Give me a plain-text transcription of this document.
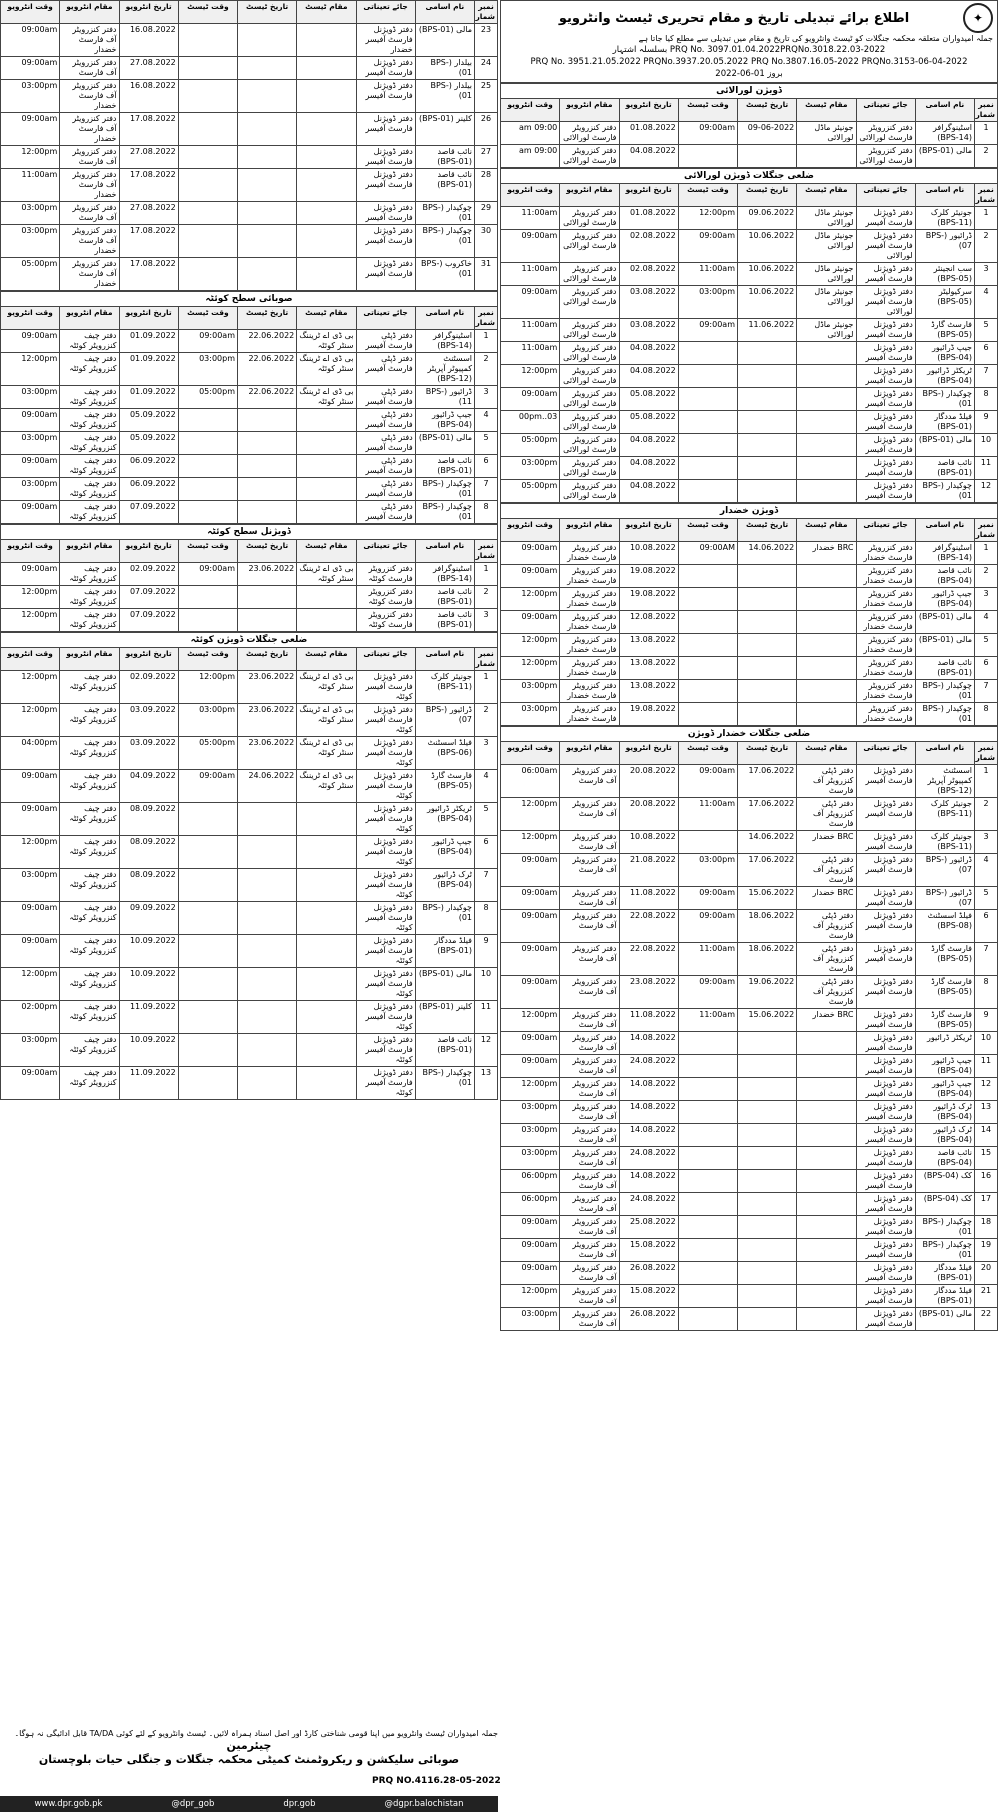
✦
اطلاع برائے تبدیلی تاریخ و مقام تحریری ٹیسٹ وانٹرویو
جملہ امیدواران متعلقہ محکمہ جنگلات کو ٹیسٹ وانٹرویو کی تاریخ و مقام میں تبدیلی سے مطلع کیا جاتا ہے
PRQ No. 3097.01.04.2022PRQNo.3018.22.03-2022 بسلسلہ اشتہار
PRQ No. 3951.21.05.2022 PRQNo.3937.20.05.2022 PRQ No.3807.16.05-2022 PRQNo.3153-06-04-2022
بروز 01-06-2022
ڈویژن لورالائی
نمبر شمار	نام اسامی	جائے تعیناتی	مقام ٹیسٹ	تاریخ ٹیسٹ	وقت ٹیسٹ	تاریخ انٹرویو	مقام انٹرویو	وقت انٹرویو
1	اسٹینوگرافر (BPS-14)	دفتر کنزرویٹر فارسٹ لورالائی	جونیئر ماڈل لورالائی	09-06-2022	09:00am	01.08.2022	دفتر کنزرویٹر فارسٹ لورالائی	09:00 am
2	مالی (BPS-01)	دفتر کنزرویٹر فارسٹ لورالائی				04.08.2022	دفتر کنزرویٹر فارسٹ لورالائی	09:00 am
ضلعی جنگلات ڈویژن لورالائی
نمبر شمار	نام اسامی	جائے تعیناتی	مقام ٹیسٹ	تاریخ ٹیسٹ	وقت ٹیسٹ	تاریخ انٹرویو	مقام انٹرویو	وقت انٹرویو
1	جونیئر کلرک (BPS-11)	دفتر ڈویژنل فارسٹ آفیسر	جونیئر ماڈل لورالائی	09.06.2022	12:00pm	01.08.2022	دفتر کنزرویٹر فارسٹ لورالائی	11:00am
2	ڈرائیور (BPS-07)	دفتر ڈویژنل فارسٹ آفیسر لورالائی	جونیئر ماڈل لورالائی	10.06.2022	09:00am	02.08.2022	دفتر کنزرویٹر فارسٹ لورالائی	09:00am
3	سب انجینئر (BPS-05)	دفتر ڈویژنل فارسٹ آفیسر	جونیئر ماڈل لورالائی	10.06.2022	11:00am	02.08.2022	دفتر کنزرویٹر فارسٹ لورالائی	11:00am
4	سرکیولیٹر (BPS-05)	دفتر ڈویژنل فارسٹ آفیسر لورالائی	جونیئر ماڈل لورالائی	10.06.2022	03:00pm	03.08.2022	دفتر کنزرویٹر فارسٹ لورالائی	09:00am
5	فارسٹ گارڈ (BPS-05)	دفتر ڈویژنل فارسٹ آفیسر	جونیئر ماڈل لورالائی	11.06.2022	09:00am	03.08.2022	دفتر کنزرویٹر فارسٹ لورالائی	11:00am
6	جیپ ڈرائیور (BPS-04)	دفتر ڈویژنل فارسٹ آفیسر				04.08.2022	دفتر کنزرویٹر فارسٹ لورالائی	11:00am
7	ٹریکٹر ڈرائیور (BPS-04)	دفتر ڈویژنل فارسٹ آفیسر				04.08.2022	دفتر کنزرویٹر فارسٹ لورالائی	12:00pm
8	چوکیدار (BPS-01)	دفتر ڈویژنل فارسٹ آفیسر				05.08.2022	دفتر کنزرویٹر فارسٹ لورالائی	09:00am
9	فیلڈ مددگار (BPS-01)	دفتر ڈویژنل فارسٹ آفیسر				05.08.2022	دفتر کنزرویٹر فارسٹ لورالائی	03..00pm
10	مالی (BPS-01)	دفتر ڈویژنل فارسٹ آفیسر				04.08.2022	دفتر کنزرویٹر فارسٹ لورالائی	05:00pm
11	نائب قاصد (BPS-01)	دفتر ڈویژنل فارسٹ آفیسر				04.08.2022	دفتر کنزرویٹر فارسٹ لورالائی	03:00pm
12	چوکیدار (BPS-01)	دفتر ڈویژنل فارسٹ آفیسر				04.08.2022	دفتر کنزرویٹر فارسٹ لورالائی	05:00pm
ڈویژن خضدار
نمبر شمار	نام اسامی	جائے تعیناتی	مقام ٹیسٹ	تاریخ ٹیسٹ	وقت ٹیسٹ	تاریخ انٹرویو	مقام انٹرویو	وقت انٹرویو
1	اسٹینوگرافر (BPS-14)	دفتر کنزرویٹر فارسٹ خضدار	BRC خضدار	14.06.2022	09:00AM	10.08.2022	دفتر کنزرویٹر فارسٹ خضدار	09:00am
2	نائب قاصد (BPS-04)	دفتر کنزرویٹر فارسٹ خضدار				19.08.2022	دفتر کنزرویٹر فارسٹ خضدار	09:00am
3	جیپ ڈرائیور (BPS-04)	دفتر کنزرویٹر فارسٹ خضدار				19.08.2022	دفتر کنزرویٹر فارسٹ خضدار	12:00pm
4	مالی (BPS-01)	دفتر کنزرویٹر فارسٹ خضدار				12.08.2022	دفتر کنزرویٹر فارسٹ خضدار	09:00am
5	مالی (BPS-01)	دفتر کنزرویٹر فارسٹ خضدار				13.08.2022	دفتر کنزرویٹر فارسٹ خضدار	12:00pm
6	نائب قاصد (BPS-01)	دفتر کنزرویٹر فارسٹ خضدار				13.08.2022	دفتر کنزرویٹر فارسٹ خضدار	12:00pm
7	چوکیدار (BPS-01)	دفتر کنزرویٹر فارسٹ خضدار				13.08.2022	دفتر کنزرویٹر فارسٹ خضدار	03:00pm
8	چوکیدار (BPS-01)	دفتر کنزرویٹر فارسٹ خضدار				19.08.2022	دفتر کنزرویٹر فارسٹ خضدار	03:00pm
ضلعی جنگلات خضدار ڈویژن
نمبر شمار	نام اسامی	جائے تعیناتی	مقام ٹیسٹ	تاریخ ٹیسٹ	وقت ٹیسٹ	تاریخ انٹرویو	مقام انٹرویو	وقت انٹرویو
1	اسسٹنٹ کمپیوٹر آپریٹر (BPS-12)	دفتر ڈویژنل فارسٹ آفیسر	دفتر ڈپٹی کنزرویٹر آف فارسٹ	17.06.2022	09:00am	20.08.2022	دفتر کنزرویٹر آف فارسٹ	06:00am
2	جونیئر کلرک (BPS-11)	دفتر ڈویژنل فارسٹ آفیسر	دفتر ڈپٹی کنزرویٹر آف فارسٹ	17.06.2022	11:00am	20.08.2022	دفتر کنزرویٹر آف فارسٹ	12:00pm
3	جونیئر کلرک (BPS-11)	دفتر ڈویژنل فارسٹ آفیسر	BRC خضدار	14.06.2022		10.08.2022	دفتر کنزرویٹر آف فارسٹ	12:00pm
4	ڈرائیور (BPS-07)	دفتر ڈویژنل فارسٹ آفیسر	دفتر ڈپٹی کنزرویٹر آف فارسٹ	17.06.2022	03:00pm	21.08.2022	دفتر کنزرویٹر آف فارسٹ	09:00am
5	ڈرائیور (BPS-07)	دفتر ڈویژنل فارسٹ آفیسر	BRC خضدار	15.06.2022	09:00am	11.08.2022	دفتر کنزرویٹر آف فارسٹ	09:00am
6	فیلڈ اسسٹنٹ (BPS-08)	دفتر ڈویژنل فارسٹ آفیسر	دفتر ڈپٹی کنزرویٹر آف فارسٹ	18.06.2022	09:00am	22.08.2022	دفتر کنزرویٹر آف فارسٹ	09:00am
7	فارسٹ گارڈ (BPS-05)	دفتر ڈویژنل فارسٹ آفیسر	دفتر ڈپٹی کنزرویٹر آف فارسٹ	18.06.2022	11:00am	22.08.2022	دفتر کنزرویٹر آف فارسٹ	09:00am
8	فارسٹ گارڈ (BPS-05)	دفتر ڈویژنل فارسٹ آفیسر	دفتر ڈپٹی کنزرویٹر آف فارسٹ	19.06.2022	09:00am	23.08.2022	دفتر کنزرویٹر آف فارسٹ	09:00am
9	فارسٹ گارڈ (BPS-05)	دفتر ڈویژنل فارسٹ آفیسر	BRC خضدار	15.06.2022	11:00am	11.08.2022	دفتر کنزرویٹر آف فارسٹ	12:00pm
10	ٹریکٹر ڈرائیور	دفتر ڈویژنل فارسٹ آفیسر				14.08.2022	دفتر کنزرویٹر آف فارسٹ	09:00am
11	جیپ ڈرائیور (BPS-04)	دفتر ڈویژنل فارسٹ آفیسر				24.08.2022	دفتر کنزرویٹر آف فارسٹ	09:00am
12	جیپ ڈرائیور (BPS-04)	دفتر ڈویژنل فارسٹ آفیسر				14.08.2022	دفتر کنزرویٹر آف فارسٹ	12:00pm
13	ٹرک ڈرائیور (BPS-04)	دفتر ڈویژنل فارسٹ آفیسر				14.08.2022	دفتر کنزرویٹر آف فارسٹ	03:00pm
14	ٹرک ڈرائیور (BPS-04)	دفتر ڈویژنل فارسٹ آفیسر				14.08.2022	دفتر کنزرویٹر آف فارسٹ	03:00pm
15	نائب قاصد (BPS-04)	دفتر ڈویژنل فارسٹ آفیسر				24.08.2022	دفتر کنزرویٹر آف فارسٹ	03:00pm
16	کک (BPS-04)	دفتر ڈویژنل فارسٹ آفیسر				14.08.2022	دفتر کنزرویٹر آف فارسٹ	06:00pm
17	کک (BPS-04)	دفتر ڈویژنل فارسٹ آفیسر				24.08.2022	دفتر کنزرویٹر آف فارسٹ	06:00pm
18	چوکیدار (BPS-01)	دفتر ڈویژنل فارسٹ آفیسر				25.08.2022	دفتر کنزرویٹر آف فارسٹ	09:00am
19	چوکیدار (BPS-01)	دفتر ڈویژنل فارسٹ آفیسر				15.08.2022	دفتر کنزرویٹر آف فارسٹ	09:00am
20	فیلڈ مددگار (BPS-01)	دفتر ڈویژنل فارسٹ آفیسر				26.08.2022	دفتر کنزرویٹر آف فارسٹ	09:00am
21	فیلڈ مددگار (BPS-01)	دفتر ڈویژنل فارسٹ آفیسر				15.08.2022	دفتر کنزرویٹر آف فارسٹ	12:00pm
22	مالی (BPS-01)	دفتر ڈویژنل فارسٹ آفیسر				26.08.2022	دفتر کنزرویٹر آف فارسٹ	03:00pm
نمبر شمار	نام اسامی	جائے تعیناتی	مقام ٹیسٹ	تاریخ ٹیسٹ	وقت ٹیسٹ	تاریخ انٹرویو	مقام انٹرویو	وقت انٹرویو
23	مالی (BPS-01)	دفتر ڈویژنل فارسٹ آفیسر خضدار				16.08.2022	دفتر کنزرویٹر آف فارسٹ خضدار	09:00am
24	بیلدار (BPS-01)	دفتر ڈویژنل فارسٹ آفیسر				27.08.2022	دفتر کنزرویٹر آف فارسٹ	09:00am
25	بیلدار (BPS-01)	دفتر ڈویژنل فارسٹ آفیسر				16.08.2022	دفتر کنزرویٹر آف فارسٹ خضدار	03:00pm
26	کلینر (BPS-01)	دفتر ڈویژنل فارسٹ آفیسر				17.08.2022	دفتر کنزرویٹر آف فارسٹ خضدار	09:00am
27	نائب قاصد (BPS-01)	دفتر ڈویژنل فارسٹ آفیسر				27.08.2022	دفتر کنزرویٹر آف فارسٹ	12:00pm
28	نائب قاصد (BPS-01)	دفتر ڈویژنل فارسٹ آفیسر				17.08.2022	دفتر کنزرویٹر آف فارسٹ خضدار	11:00am
29	چوکیدار (BPS-01)	دفتر ڈویژنل فارسٹ آفیسر				27.08.2022	دفتر کنزرویٹر آف فارسٹ	03:00pm
30	چوکیدار (BPS-01)	دفتر ڈویژنل فارسٹ آفیسر				17.08.2022	دفتر کنزرویٹر آف فارسٹ خضدار	03:00pm
31	خاکروب (BPS-01)	دفتر ڈویژنل فارسٹ آفیسر				17.08.2022	دفتر کنزرویٹر آف فارسٹ خضدار	05:00pm
صوبائی سطح کوئٹہ
نمبر شمار	نام اسامی	جائے تعیناتی	مقام ٹیسٹ	تاریخ ٹیسٹ	وقت ٹیسٹ	تاریخ انٹرویو	مقام انٹرویو	وقت انٹرویو
1	اسٹینوگرافر (BPS-14)	دفتر ڈپٹی فارسٹ آفیسر	بی ڈی اے ٹریننگ سنٹر کوئٹہ	22.06.2022	09:00am	01.09.2022	دفتر چیف کنزرویٹر کوئٹہ	09:00am
2	اسسٹنٹ کمپیوٹر آپریٹر (BPS-12)	دفتر ڈپٹی فارسٹ آفیسر	بی ڈی اے ٹریننگ سنٹر کوئٹہ	22.06.2022	03:00pm	01.09.2022	دفتر چیف کنزرویٹر کوئٹہ	12:00pm
3	ڈرائیور (BPS-11)	دفتر ڈپٹی فارسٹ آفیسر	بی ڈی اے ٹریننگ سنٹر کوئٹہ	22.06.2022	05:00pm	01.09.2022	دفتر چیف کنزرویٹر کوئٹہ	03:00pm
4	جیپ ڈرائیور (BPS-04)	دفتر ڈپٹی فارسٹ آفیسر				05.09.2022	دفتر چیف کنزرویٹر کوئٹہ	09:00am
5	مالی (BPS-01)	دفتر ڈپٹی فارسٹ آفیسر				05.09.2022	دفتر چیف کنزرویٹر کوئٹہ	03:00pm
6	نائب قاصد (BPS-01)	دفتر ڈپٹی فارسٹ آفیسر				06.09.2022	دفتر چیف کنزرویٹر کوئٹہ	09:00am
7	چوکیدار (BPS-01)	دفتر ڈپٹی فارسٹ آفیسر				06.09.2022	دفتر چیف کنزرویٹر کوئٹہ	03:00pm
8	چوکیدار (BPS-01)	دفتر ڈپٹی فارسٹ آفیسر				07.09.2022	دفتر چیف کنزرویٹر کوئٹہ	09:00am
ڈویژنل سطح کوئٹہ
نمبر شمار	نام اسامی	جائے تعیناتی	مقام ٹیسٹ	تاریخ ٹیسٹ	وقت ٹیسٹ	تاریخ انٹرویو	مقام انٹرویو	وقت انٹرویو
1	اسٹینوگرافر (BPS-14)	دفتر کنزرویٹر فارسٹ کوئٹہ	بی ڈی اے ٹریننگ سنٹر کوئٹہ	23.06.2022	09:00am	02.09.2022	دفتر چیف کنزرویٹر کوئٹہ	09:00am
2	نائب قاصد (BPS-01)	دفتر کنزرویٹر فارسٹ کوئٹہ				07.09.2022	دفتر چیف کنزرویٹر کوئٹہ	12:00pm
3	نائب قاصد (BPS-01)	دفتر کنزرویٹر فارسٹ کوئٹہ				07.09.2022	دفتر چیف کنزرویٹر کوئٹہ	12:00pm
ضلعی جنگلات ڈویژن کوئٹہ
نمبر شمار	نام اسامی	جائے تعیناتی	مقام ٹیسٹ	تاریخ ٹیسٹ	وقت ٹیسٹ	تاریخ انٹرویو	مقام انٹرویو	وقت انٹرویو
1	جونیئر کلرک (BPS-11)	دفتر ڈویژنل فارسٹ آفیسر کوئٹہ	بی ڈی اے ٹریننگ سنٹر کوئٹہ	23.06.2022	12:00pm	02.09.2022	دفتر چیف کنزرویٹر کوئٹہ	12:00pm
2	ڈرائیور (BPS-07)	دفتر ڈویژنل فارسٹ آفیسر کوئٹہ	بی ڈی اے ٹریننگ سنٹر کوئٹہ	23.06.2022	03:00pm	03.09.2022	دفتر چیف کنزرویٹر کوئٹہ	12:00pm
3	فیلڈ اسسٹنٹ (BPS-06)	دفتر ڈویژنل فارسٹ آفیسر کوئٹہ	بی ڈی اے ٹریننگ سنٹر کوئٹہ	23.06.2022	05:00pm	03.09.2022	دفتر چیف کنزرویٹر کوئٹہ	04:00pm
4	فارسٹ گارڈ (BPS-05)	دفتر ڈویژنل فارسٹ آفیسر کوئٹہ	بی ڈی اے ٹریننگ سنٹر کوئٹہ	24.06.2022	09:00am	04.09.2022	دفتر چیف کنزرویٹر کوئٹہ	09:00am
5	ٹریکٹر ڈرائیور (BPS-04)	دفتر ڈویژنل فارسٹ آفیسر کوئٹہ				08.09.2022	دفتر چیف کنزرویٹر کوئٹہ	09:00am
6	جیپ ڈرائیور (BPS-04)	دفتر ڈویژنل فارسٹ آفیسر کوئٹہ				08.09.2022	دفتر چیف کنزرویٹر کوئٹہ	12:00pm
7	ٹرک ڈرائیور (BPS-04)	دفتر ڈویژنل فارسٹ آفیسر کوئٹہ				08.09.2022	دفتر چیف کنزرویٹر کوئٹہ	03:00pm
8	چوکیدار (BPS-01)	دفتر ڈویژنل فارسٹ آفیسر کوئٹہ				09.09.2022	دفتر چیف کنزرویٹر کوئٹہ	09:00am
9	فیلڈ مددگار (BPS-01)	دفتر ڈویژنل فارسٹ آفیسر کوئٹہ				10.09.2022	دفتر چیف کنزرویٹر کوئٹہ	09:00am
10	مالی (BPS-01)	دفتر ڈویژنل فارسٹ آفیسر کوئٹہ				10.09.2022	دفتر چیف کنزرویٹر کوئٹہ	12:00pm
11	کلینر (BPS-01)	دفتر ڈویژنل فارسٹ آفیسر کوئٹہ				11.09.2022	دفتر چیف کنزرویٹر کوئٹہ	02:00pm
12	نائب قاصد (BPS-01)	دفتر ڈویژنل فارسٹ آفیسر کوئٹہ				10.09.2022	دفتر چیف کنزرویٹر کوئٹہ	03:00pm
13	چوکیدار (BPS-01)	دفتر ڈویژنل فارسٹ آفیسر کوئٹہ				11.09.2022	دفتر چیف کنزرویٹر کوئٹہ	09:00am
جملہ امیدواران ٹیسٹ وانٹرویو میں اپنا قومی شناختی کارڈ اور اصل اسناد ہمراہ لائیں۔ ٹیسٹ وانٹرویو کے لئے کوئی TA/DA قابل ادائیگی نہ ہوگا۔
چیئرمین
صوبائی سلیکشن و ریکروٹمنٹ کمیٹی محکمہ جنگلات و جنگلی حیات بلوچستان
PRQ NO.4116.28-05-2022
www.dpr.gob.pk	@dpr_gob	dpr.gob	@dgpr.balochistan
